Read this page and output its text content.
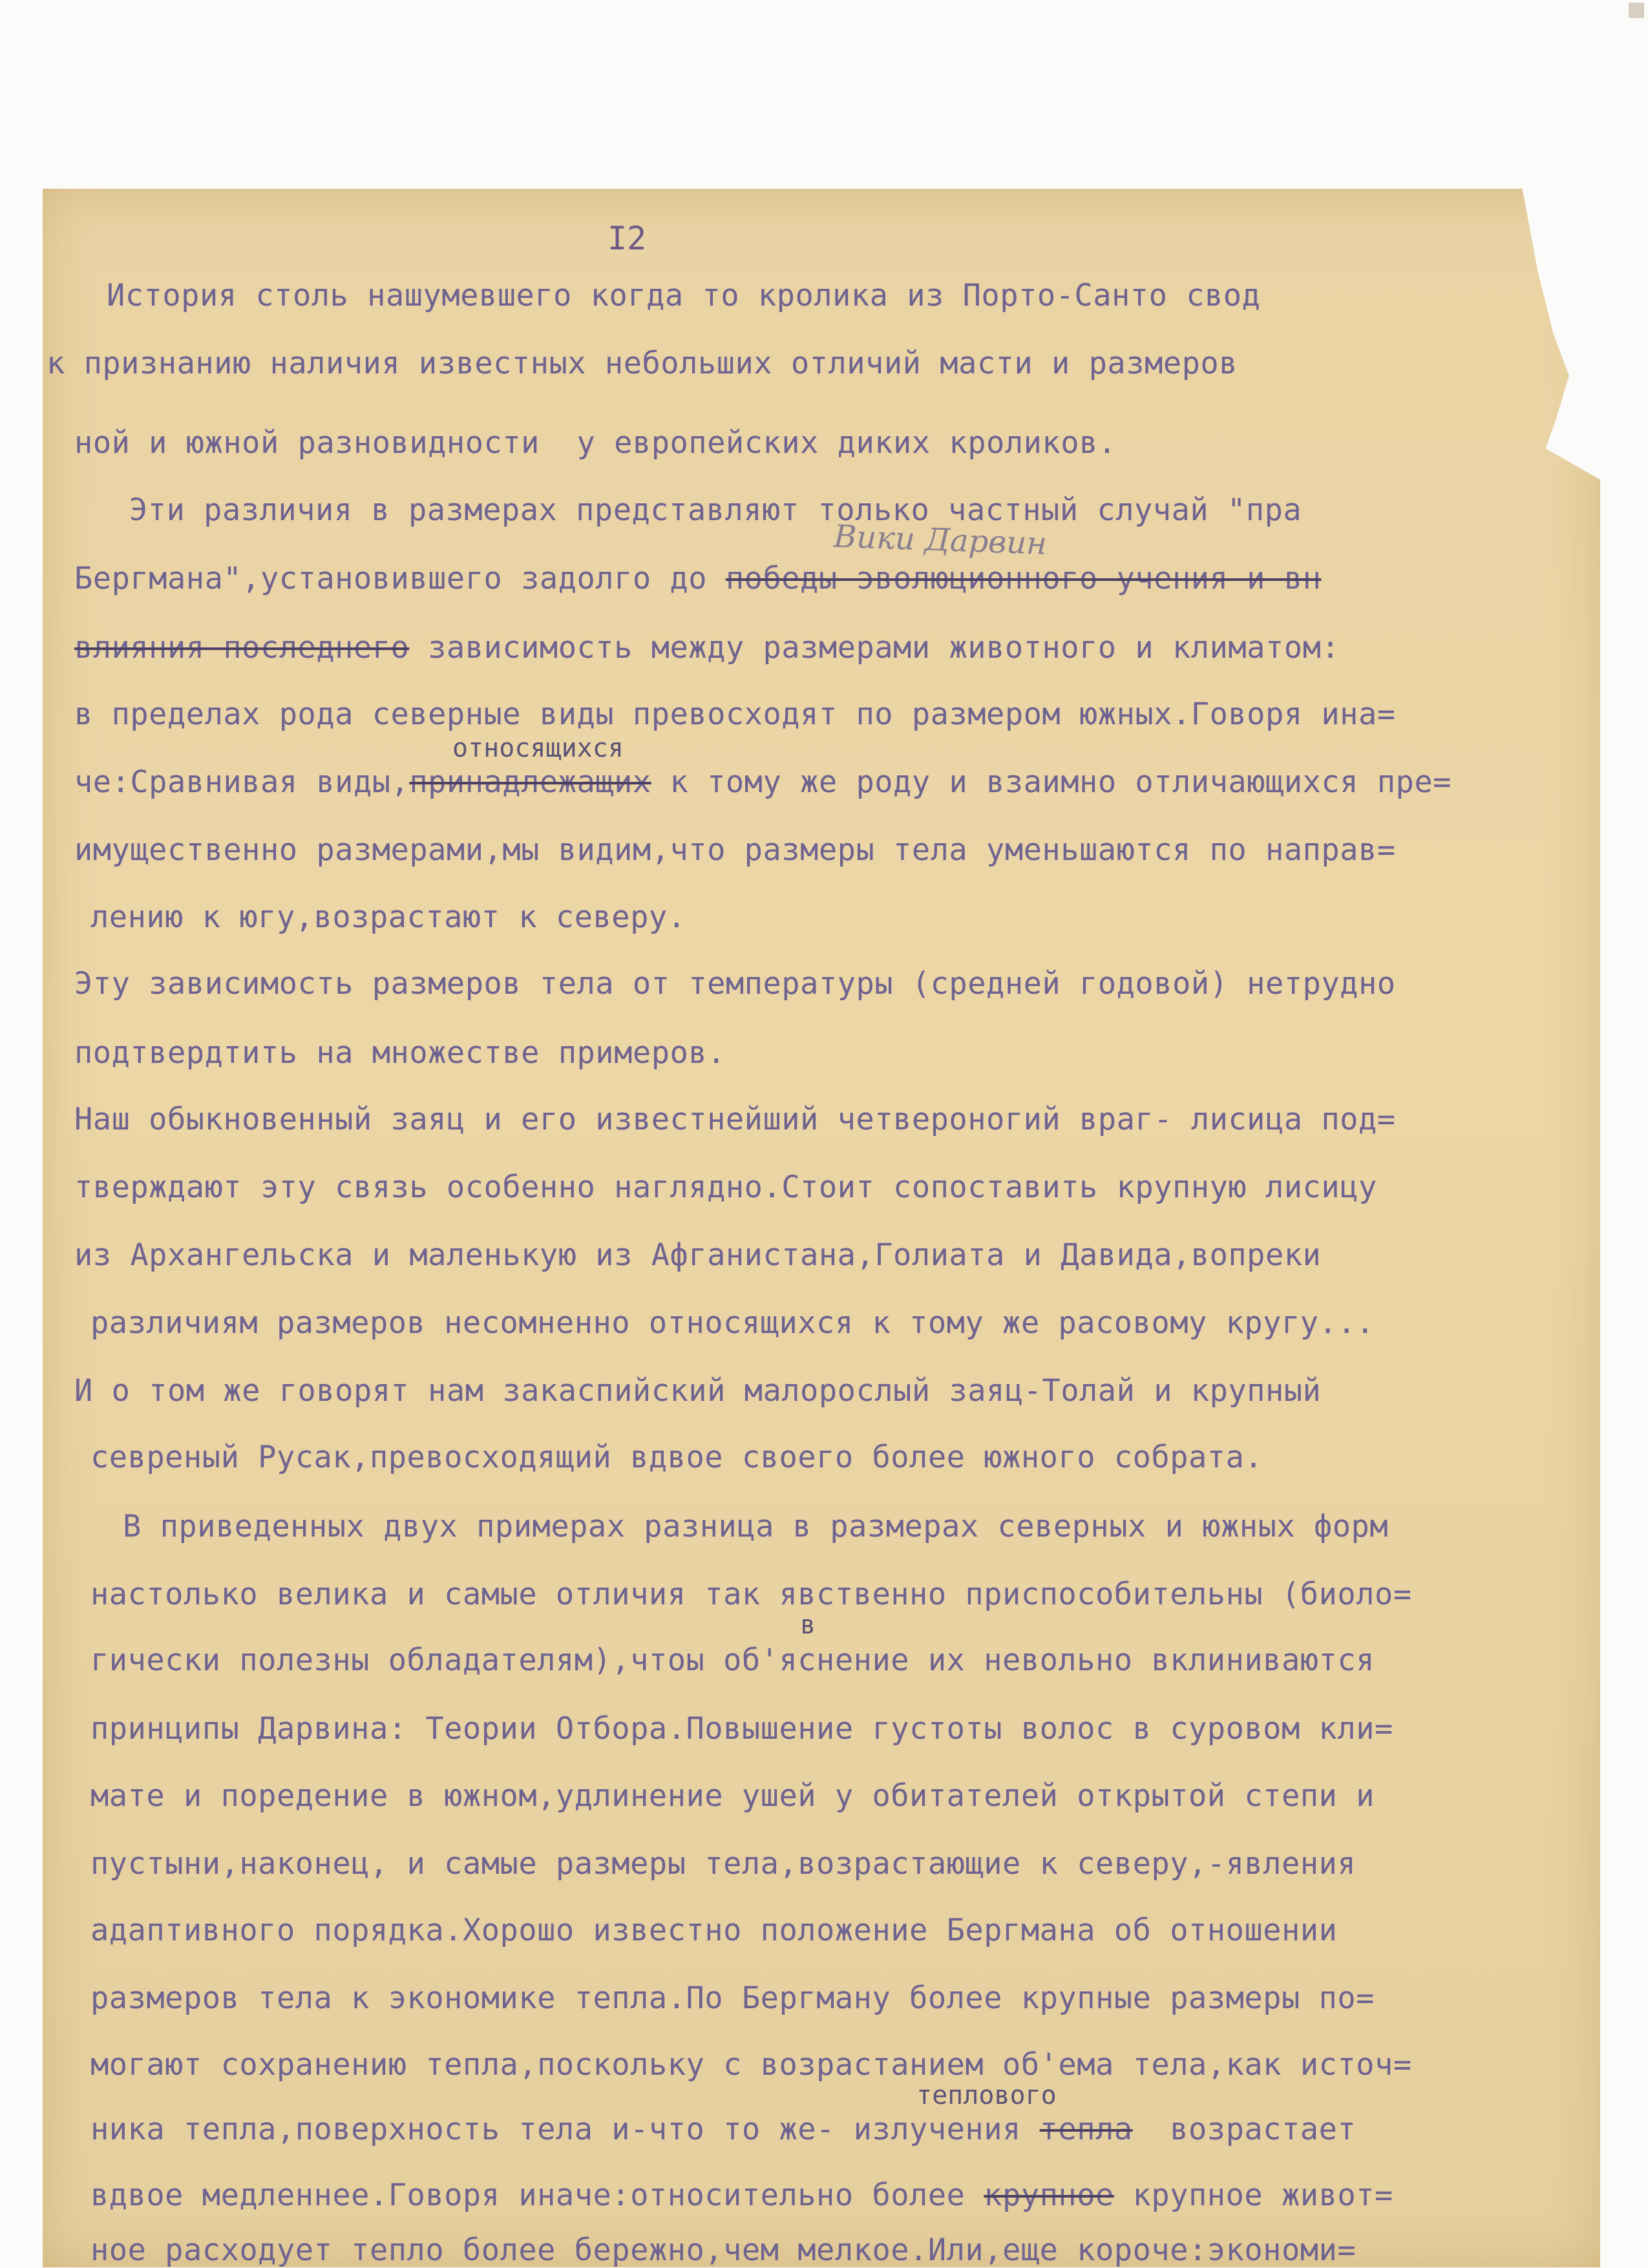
I2
Вики Дарвин
История столь нашумевшего когда то кролика из Порто-Санто свод
к признанию наличия известных небольших отличий масти и размеров
ной и южной разновидности  у европейских диких кроликов.
Эти различия в размерах представляют только частный случай "пра
Бергмана",установившего задолго до победы эволюционного учения и вн
влияния последнего зависимость между размерами животного и климатом:
в пределах рода северные виды превосходят по размером южных.Говоря ина=
относящихся
че:Сравнивая виды,принадлежащих к тому же роду и взаимно отличающихся пре=
имущественно размерами,мы видим,что размеры тела уменьшаются по направ=
лению к югу,возрастают к северу.
Эту зависимость размеров тела от температуры (средней годовой) нетрудно
подтвердтить на множестве примеров.
Наш обыкновенный заяц и его известнейший четвероногий враг- лисица под=
тверждают эту связь особенно наглядно.Стоит сопоставить крупную лисицу
из Архангельска и маленькую из Афганистана,Голиата и Давида,вопреки
различиям размеров несомненно относящихся к тому же расовому кругу...
И о том же говорят нам закаспийский малорослый заяц-Толай и крупный
севреный Русак,превосходящий вдвое своего более южного собрата.
В приведенных двух примерах разница в размерах северных и южных форм
настолько велика и самые отличия так явственно приспособительны (биоло=
в
гически полезны обладателям),чтоы об'яснение их невольно вклиниваются
принципы Дарвина: Теории Отбора.Повышение густоты волос в суровом кли=
мате и поредение в южном,удлинение ушей у обитателей открытой степи и
пустыни,наконец, и самые размеры тела,возрастающие к северу,-явления
адаптивного порядка.Хорошо известно положение Бергмана об отношении
размеров тела к экономике тепла.По Бергману более крупные размеры по=
могают сохранению тепла,поскольку с возрастанием об'ема тела,как источ=
теплового
ника тепла,поверхность тела и-что то же- излучения тепла  возрастает
вдвое медленнее.Говоря иначе:относительно более крупное крупное живот=
ное расходует тепло более бережно,чем мелкое.Или,еще короче:экономи=
